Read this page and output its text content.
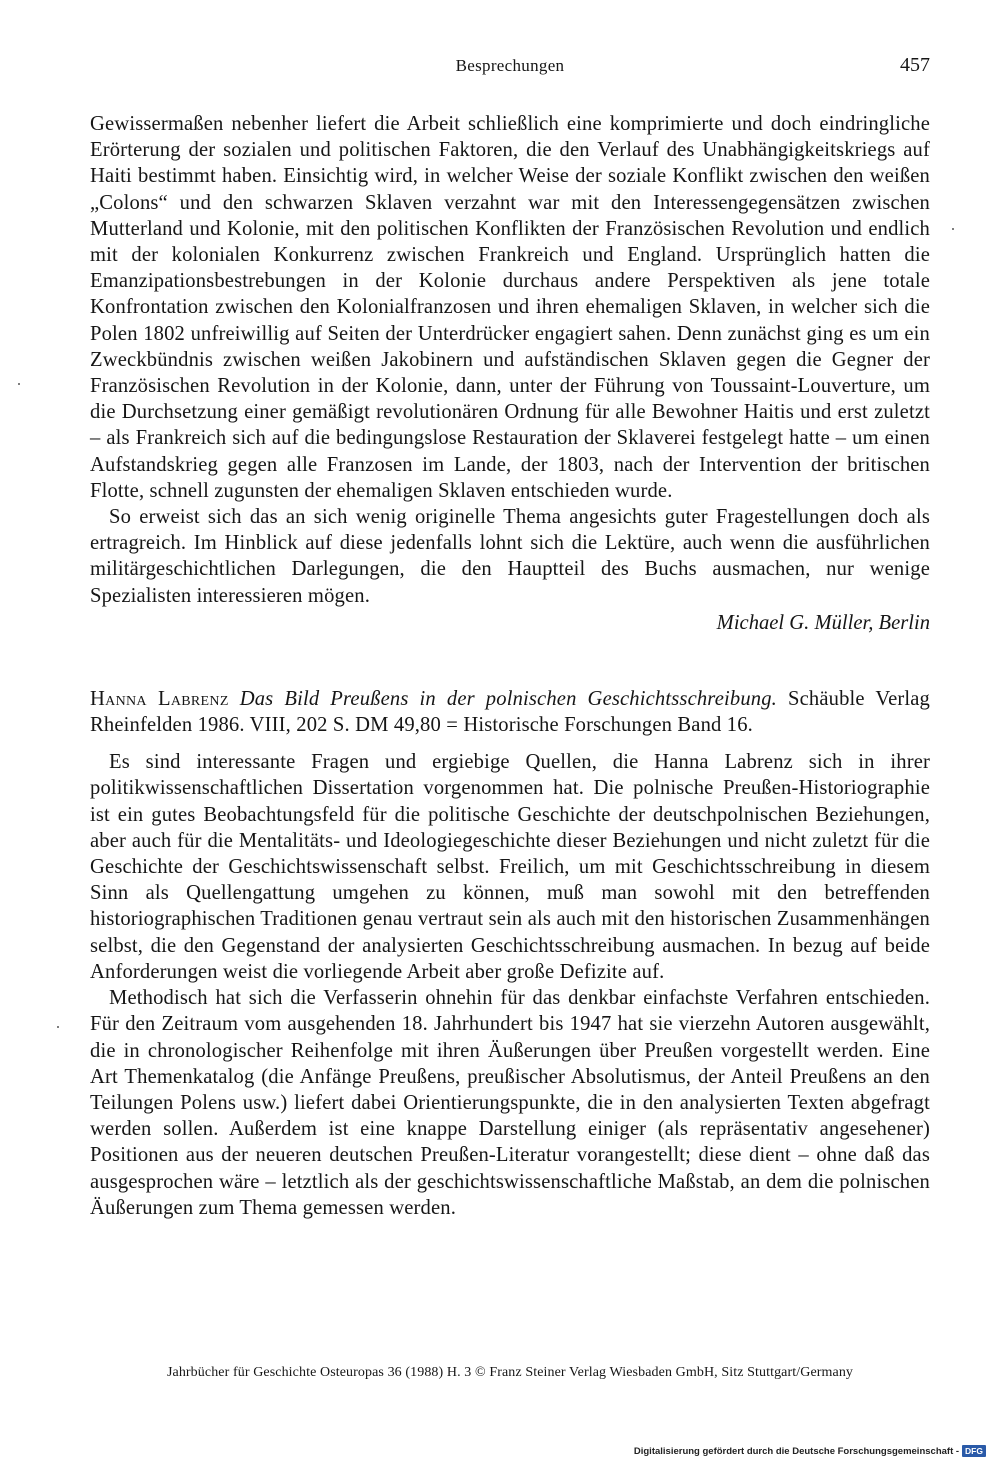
Besprechungen	457

Gewissermaßen nebenher liefert die Arbeit schließlich eine komprimierte und doch eindringliche Erörterung der sozialen und politischen Faktoren, die den Verlauf des Unabhängigkeitskriegs auf Haiti bestimmt haben. Einsichtig wird, in welcher Weise der soziale Konflikt zwischen den weißen „Colons“ und den schwarzen Sklaven verzahnt war mit den Interessengegensätzen zwischen Mutterland und Kolonie, mit den politischen Konflikten der Französischen Revolution und endlich mit der kolonialen Konkurrenz zwischen Frankreich und England. Ursprünglich hatten die Emanzipationsbestrebungen in der Kolonie durchaus andere Perspektiven als jene totale Konfrontation zwischen den Kolonialfranzosen und ihren ehemaligen Sklaven, in welcher sich die Polen 1802 unfreiwillig auf Seiten der Unterdrücker engagiert sahen. Denn zunächst ging es um ein Zweckbündnis zwischen weißen Jakobinern und aufständischen Sklaven gegen die Gegner der Französischen Revolution in der Kolonie, dann, unter der Führung von Toussaint-Louverture, um die Durchsetzung einer gemäßigt revolutionären Ordnung für alle Bewohner Haitis und erst zuletzt – als Frankreich sich auf die bedingungslose Restauration der Sklaverei festgelegt hatte – um einen Aufstandskrieg gegen alle Franzosen im Lande, der 1803, nach der Intervention der britischen Flotte, schnell zugunsten der ehemaligen Sklaven entschieden wurde.

So erweist sich das an sich wenig originelle Thema angesichts guter Fragestellungen doch als ertragreich. Im Hinblick auf diese jedenfalls lohnt sich die Lektüre, auch wenn die ausführlichen militärgeschichtlichen Darlegungen, die den Hauptteil des Buchs ausmachen, nur wenige Spezialisten interessieren mögen.

Michael G. Müller, Berlin

Hanna Labrenz Das Bild Preußens in der polnischen Geschichtsschreibung. Schäuble Verlag Rheinfelden 1986. VIII, 202 S. DM 49,80 = Historische Forschungen Band 16.

Es sind interessante Fragen und ergiebige Quellen, die Hanna Labrenz sich in ihrer politikwissenschaftlichen Dissertation vorgenommen hat. Die polnische Preußen-Historiographie ist ein gutes Beobachtungsfeld für die politische Geschichte der deutschpolnischen Beziehungen, aber auch für die Mentalitäts- und Ideologiegeschichte dieser Beziehungen und nicht zuletzt für die Geschichte der Geschichtswissenschaft selbst. Freilich, um mit Geschichtsschreibung in diesem Sinn als Quellengattung umgehen zu können, muß man sowohl mit den betreffenden historiographischen Traditionen genau vertraut sein als auch mit den historischen Zusammenhängen selbst, die den Gegenstand der analysierten Geschichtsschreibung ausmachen. In bezug auf beide Anforderungen weist die vorliegende Arbeit aber große Defizite auf.

Methodisch hat sich die Verfasserin ohnehin für das denkbar einfachste Verfahren entschieden. Für den Zeitraum vom ausgehenden 18. Jahrhundert bis 1947 hat sie vierzehn Autoren ausgewählt, die in chronologischer Reihenfolge mit ihren Äußerungen über Preußen vorgestellt werden. Eine Art Themenkatalog (die Anfänge Preußens, preußischer Absolutismus, der Anteil Preußens an den Teilungen Polens usw.) liefert dabei Orientierungspunkte, die in den analysierten Texten abgefragt werden sollen. Außerdem ist eine knappe Darstellung einiger (als repräsentativ angesehener) Positionen aus der neueren deutschen Preußen-Literatur vorangestellt; diese dient – ohne daß das ausgesprochen wäre – letztlich als der geschichtswissenschaftliche Maßstab, an dem die polnischen Äußerungen zum Thema gemessen werden.

Jahrbücher für Geschichte Osteuropas 36 (1988) H. 3 © Franz Steiner Verlag Wiesbaden GmbH, Sitz Stuttgart/Germany
Digitalisierung gefördert durch die Deutsche Forschungsgemeinschaft - DFG
